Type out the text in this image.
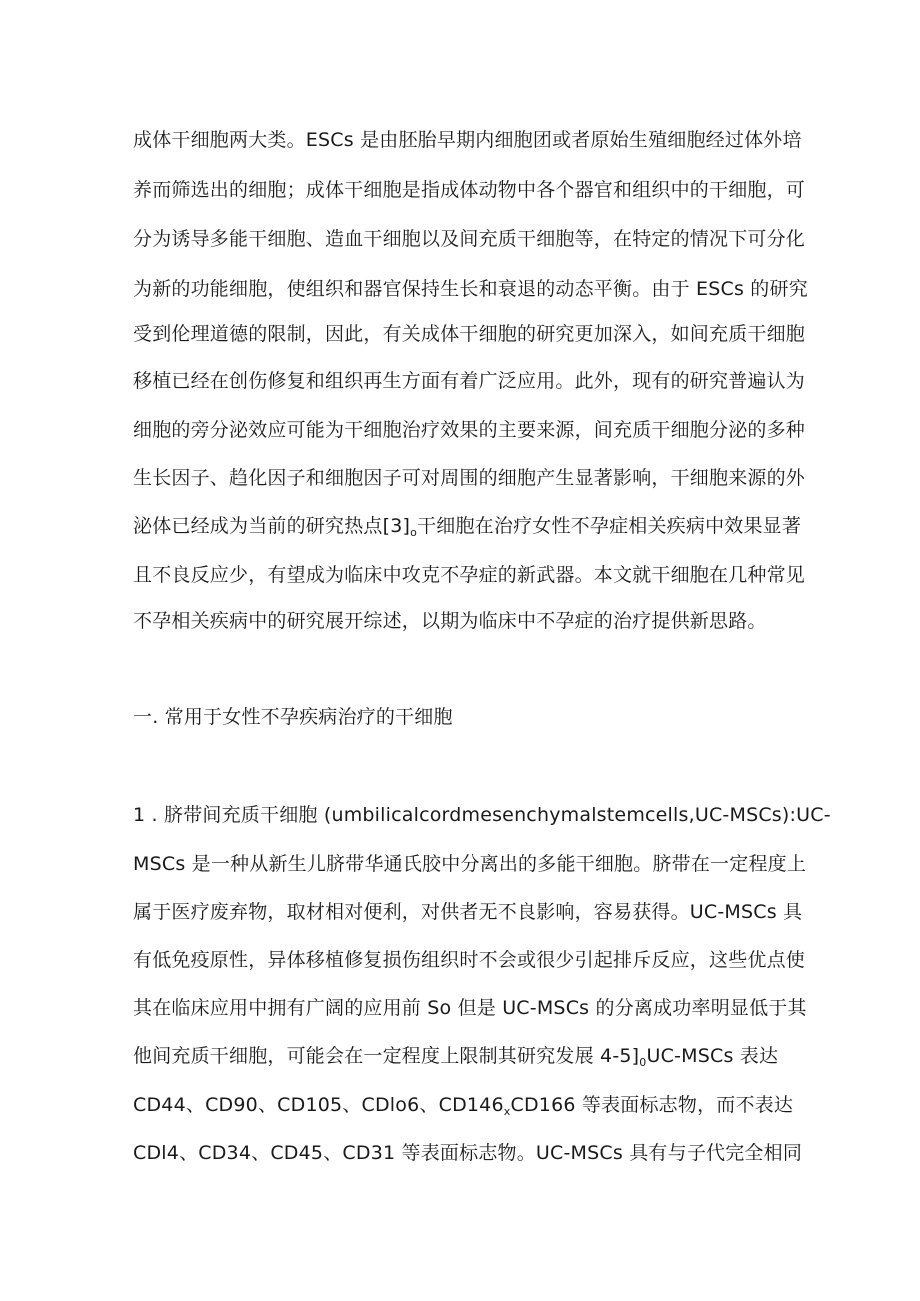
成体干细胞两大类。ESCs 是由胚胎早期内细胞团或者原始生殖细胞经过体外培
养而筛选出的细胞；成体干细胞是指成体动物中各个器官和组织中的干细胞，可
分为诱导多能干细胞、造血干细胞以及间充质干细胞等，在特定的情况下可分化
为新的功能细胞，使组织和器官保持生长和衰退的动态平衡。由于 ESCs 的研究
受到伦理道德的限制，因此，有关成体干细胞的研究更加深入，如间充质干细胞
移植已经在创伤修复和组织再生方面有着广泛应用。此外，现有的研究普遍认为
细胞的旁分泌效应可能为干细胞治疗效果的主要来源，间充质干细胞分泌的多种
生长因子、趋化因子和细胞因子可对周围的细胞产生显著影响，干细胞来源的外
泌体已经成为当前的研究热点$[3]_o$干细胞在治疗女性不孕症相关疾病中效果显著
且不良反应少，有望成为临床中攻克不孕症的新武器。本文就干细胞在几种常见
不孕相关疾病中的研究展开综述，以期为临床中不孕症的治疗提供新思路。
一. 常用于女性不孕疾病治疗的干细胞
1 . 脐带间充质干细胞 (umbilicalcordmesenchymalstemcells,UC-MSCs):UC-
MSCs 是一种从新生儿脐带华通氏胶中分离出的多能干细胞。脐带在一定程度上
属于医疗废弃物，取材相对便利，对供者无不良影响，容易获得。UC-MSCs 具
有低免疫原性，异体移植修复损伤组织时不会或很少引起排斥反应，这些优点使
其在临床应用中拥有广阔的应用前 So 但是 UC-MSCs 的分离成功率明显低于其
他间充质干细胞，可能会在一定程度上限制其研究发展 $4-5]_0UC$-MSCs 表达
CD44、CD90、CD105、CDlo6、$CD146_xCD166$ 等表面标志物，而不表达
CDl4、CD34、CD45、CD31 等表面标志物。UC-MSCs 具有与子代完全相同
